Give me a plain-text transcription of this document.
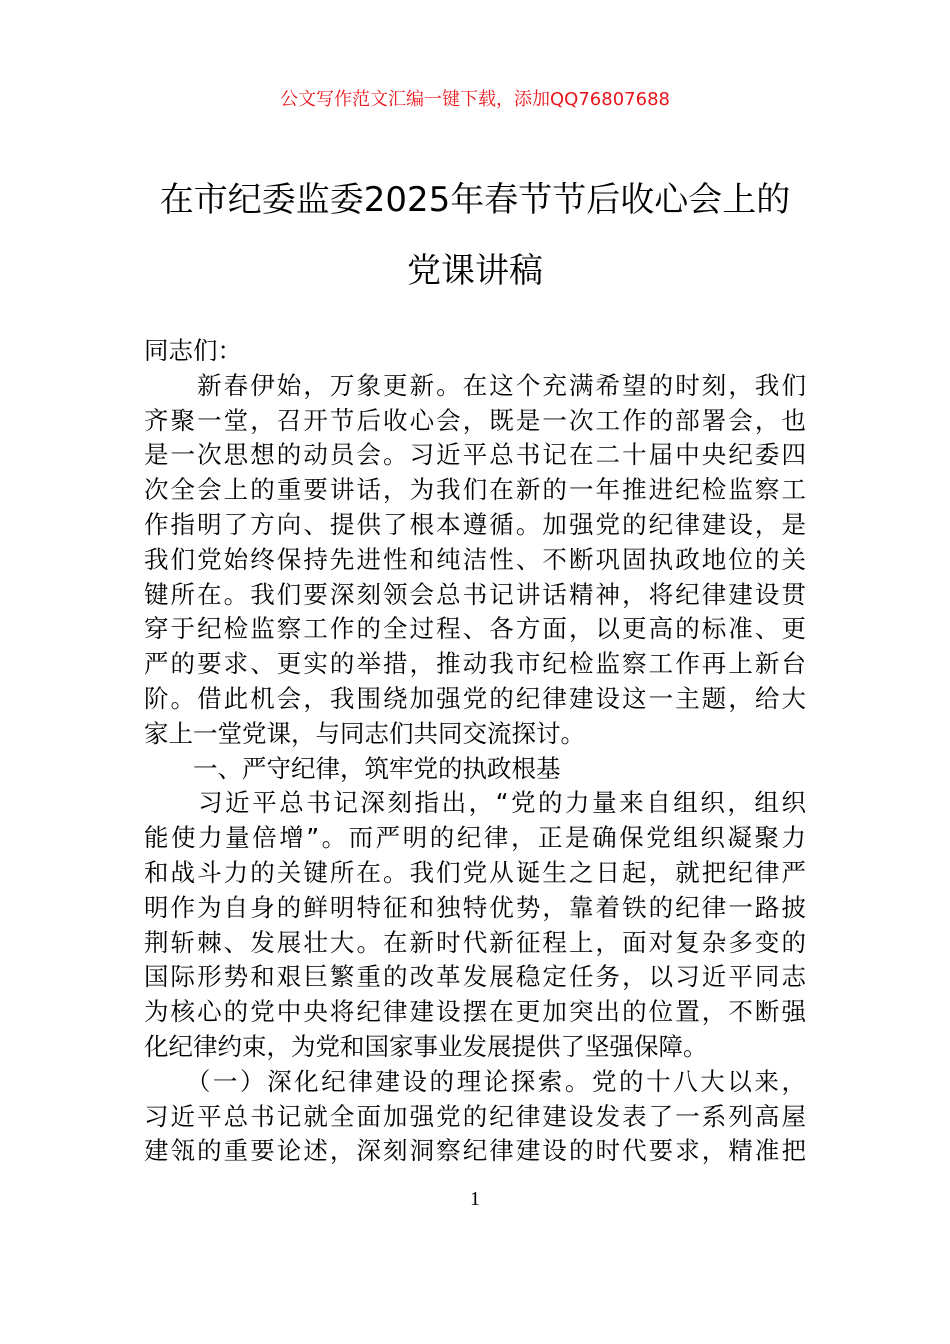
公文写作范文汇编一键下载，添加QQ76807688
在市纪委监委2025年春节节后收心会上的
党课讲稿
同志们：
　　新春伊始，万象更新。在这个充满希望的时刻，我们
齐聚一堂，召开节后收心会，既是一次工作的部署会，也
是一次思想的动员会。习近平总书记在二十届中央纪委四
次全会上的重要讲话，为我们在新的一年推进纪检监察工
作指明了方向、提供了根本遵循。加强党的纪律建设，是
我们党始终保持先进性和纯洁性、不断巩固执政地位的关
键所在。我们要深刻领会总书记讲话精神，将纪律建设贯
穿于纪检监察工作的全过程、各方面，以更高的标准、更
严的要求、更实的举措，推动我市纪检监察工作再上新台
阶。借此机会，我围绕加强党的纪律建设这一主题，给大
家上一堂党课，与同志们共同交流探讨。
　　一、严守纪律，筑牢党的执政根基
　　习近平总书记深刻指出，“党的力量来自组织，组织
能使力量倍增”。而严明的纪律，正是确保党组织凝聚力
和战斗力的关键所在。我们党从诞生之日起，就把纪律严
明作为自身的鲜明特征和独特优势，靠着铁的纪律一路披
荆斩棘、发展壮大。在新时代新征程上，面对复杂多变的
国际形势和艰巨繁重的改革发展稳定任务，以习近平同志
为核心的党中央将纪律建设摆在更加突出的位置，不断强
化纪律约束，为党和国家事业发展提供了坚强保障。
　　（一）深化纪律建设的理论探索。党的十八大以来，
习近平总书记就全面加强党的纪律建设发表了一系列高屋
建瓴的重要论述，深刻洞察纪律建设的时代要求，精准把
1
